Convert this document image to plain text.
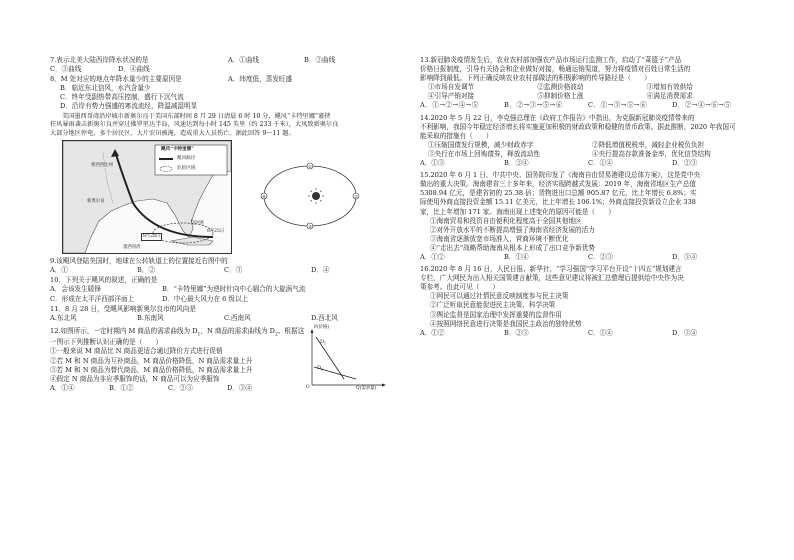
7.表示北美大陆西岸降水状况的是	A．①曲线	B．②曲线
C．③曲线	D．④曲线

8．M 处对应的地点年降水量少的主要原因是	A．纬度低，蒸发旺盛

B．临近东北信风，水汽含量少

C．终年受副热带高压控制，盛行下沉气流

D．沿岸有势力强盛的寒流流经，降温减湿明显

美国墨西哥湾沿岸城市新奥尔良于美国东部时间 8 月 29 日清晨 6 时 10 分，飓风“卡特里娜”裹挟

狂风暴雨袭击新奥尔良并穿过佛罗里达半岛，风速达到每小时 145 英里（约 233 千米），大风致新奥尔良

大部分地区停电，多个居民区、大片农田被淹，造成重大人员伤亡。据此回答 9～11 题。

飓风“卡特里娜”
飓风路径
危险区域
密西西比州
新奥尔良
墨西哥湾
迈阿密
8月28日
8月25日
①
②
③
④

9.该飓风登陆美国时，地球在公转轨道上的位置接近右图中的

A．①	B．②	C．③	D．④

10．下列关于飓风的叙述，正确的是

A．会该发生暖锋	B．“卡特里娜”为逆时针向中心辐合的大旋涡气流
C．形成在太平洋西部洋面上	D．中心最大风力在 6 级以上

11．8 月 28 日，受飓风影响新奥尔良市的风向是

A.东北风	B.东南风	C.西南风	D.西北风

12.如图所示，一定时期内 M 商品的需求曲线为 $D_1$，N 商品的需求曲线为 $D_2$。根据这一图示下列推断认识正确的是（　　）

①一般来说 M 商品比 N 商品更适合通过降价方式进行促销

②若 M 和 N 商品为互补商品，M 商品价格降低，N 商品需求量上升

③若 M 和 N 商品为替代商品，M 商品价格降低，N 商品需求量上升

④假定 N 商品为非应季服饰的话，N 商品可以为应季服饰

A．①④	B．①②	C．②③	D．③④
D 1
D 2
P(价格)
Q(需求量)
O

13.新冠肺炎疫情发生后，农业农村部加强农产品市场运行监测工作，启动了“菜篮子”产品

价格日报制度，引导有关协会和企业做好对接，畅通运销渠道，努力将疫情对百姓日常生活的

影响降到最低。下列正确反映农业农村部做法的积极影响的传导路径是（　　）

①市场自发调节	②监测价格波动	③增加有效供给
④引导产销对接	⑤抑制价格上涨	⑥满足消费需求
A．①→②→④→⑤	B．②→③→⑤→⑥	C．①→③→⑤→⑥	D．②→④→⑥→⑤

14.2020 年 5 月 22 日，李克强总理在《政府工作报告》中指出，为克服新冠肺炎疫情带来的

不利影响，我国今年稳定经济增长将实施更加积极的财政政策和稳健的货币政策。据此推断，2020 年我国可

能采取的措施有（　　）

①压缩国债发行规模，减少财政赤字	②降低增值税税率，减轻企业税负负担
③央行在市场上回购债券，释放流动性	④央行提高存款准备金率，优化信贷结构
A．①③	B．②④	C．①④	D．②③

15.2020 年 6 月 1 日，中共中央、国务院印发了《海南自由贸易港建设总体方案》，这是党中央

做出的重大决策。海南建省三十多年来，经济实现跨越式发展：2019 年，海南省地区生产总值

5308.94 亿元，是建省初的 25.38 倍；货物进出口总额 905.87 亿元，比上年增长 6.8%；实

际使用外商直接投资金额 15.11 亿美元，比上年增长 106.1%；外商直接投资新设立企业 338

家，比上年增加 171 家。海南出现上述变化的原因可能是（　　）

①海南贸易和投资自由便利化程度高于全国其他地区

②对外开放水平的不断提高增强了海南省经济发展的活力

③海南省逐渐放宽市场准入，营商环境不断优化

④“走出去”战略帮助海南从根本上形成了出口竞争新优势

A．①②	B．①④	C．②③	D．③④

16.2020 年 8 月 16 日，人民日报、新华社、“学习强国”学习平台开设“十四五”规划建言

专栏，广大网民为出入相关国策建言献策，这些意见建议将被汇总整理后提供给中央作为决

策参考。由此可见（　　）

①网民可以通过社情民意反映制度参与民主决策

②广泛听取民意能促进民主决策、科学决策

③舆论监督是国家治理中发挥重要的监督作用

④按照网络民意进行决策是我国民主政治的独特优势

A．①②	B．②③	C．①④	D．③④
